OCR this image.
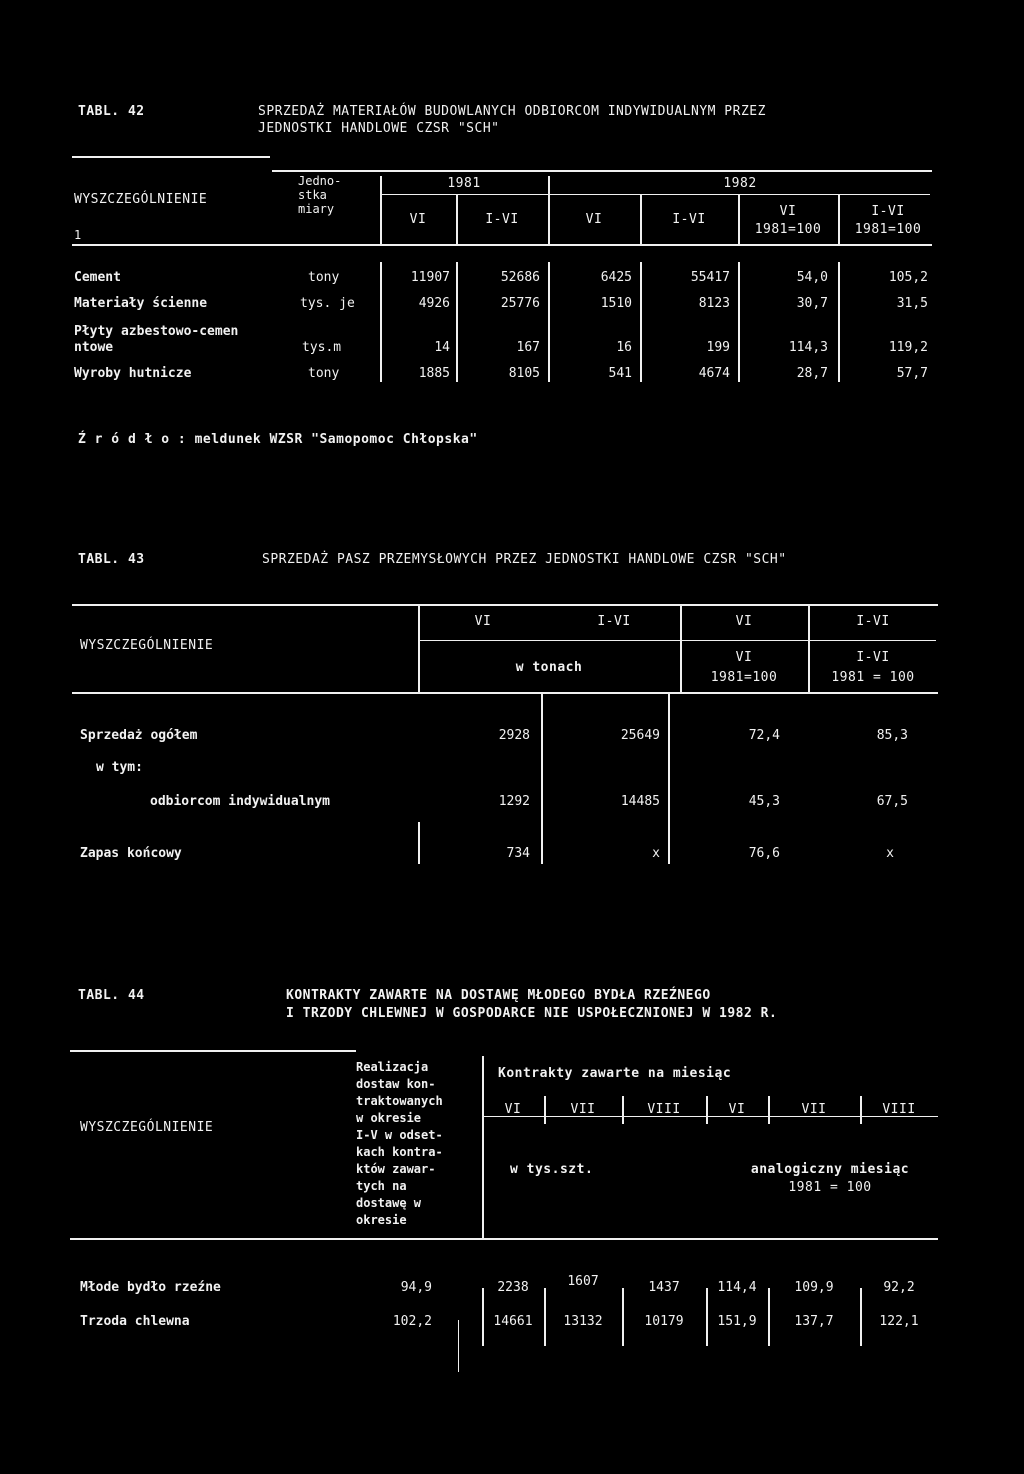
TABL. 42	SPRZEDAŻ MATERIAŁÓW BUDOWLANYCH ODBIORCOM INDYWIDUALNYM PRZEZ
JEDNOSTKI HANDLOWE CZSR "SCH"
WYSZCZEGÓLNIENIE
1
Jedno-
stka
miary
1981	1982
VI	I-VI	VI	I-VI
VI
1981=100
I-VI
1981=100
Cement	tony	11907	52686	6425	55417	54,0	105,2
Materiały ścienne	tys. je	4926	25776	1510	8123	30,7	31,5
Płyty azbestowo-cemen
ntowe	tys.m	14	167	16	199	114,3	119,2
Wyroby hutnicze	tony	1885	8105	541	4674	28,7	57,7
Ź r ó d ł o : meldunek WZSR "Samopomoc Chłopska"
TABL. 43	SPRZEDAŻ PASZ PRZEMYSŁOWYCH PRZEZ JEDNOSTKI HANDLOWE CZSR "SCH"
WYSZCZEGÓLNIENIE
VI	I-VI	VI	I-VI
w tonach
VI
1981=100
I-VI
1981 = 100
Sprzedaż ogółem	2928	25649	72,4	85,3
w tym:
odbiorcom indywidualnym	1292	14485	45,3	67,5
Zapas końcowy	734	x	76,6	x
TABL. 44	KONTRAKTY ZAWARTE NA DOSTAWĘ MŁODEGO BYDŁA RZEŹNEGO
I TRZODY CHLEWNEJ W GOSPODARCE NIE USPOŁECZNIONEJ W 1982 R.
WYSZCZEGÓLNIENIE
Realizacja
dostaw kon-
traktowanych
w okresie
I-V w odset-
kach kontra-
któw zawar-
tych na
dostawę w
okresie
Kontrakty zawarte na miesiąc
VI	VII	VIII	VI	VII	VIII
w tys.szt.	analogiczny miesiąc
1981 = 100
Młode bydło rzeźne	94,9	2238	1607	1437	114,4	109,9	92,2
Trzoda chlewna	102,2	14661	13132	10179	151,9	137,7	122,1
